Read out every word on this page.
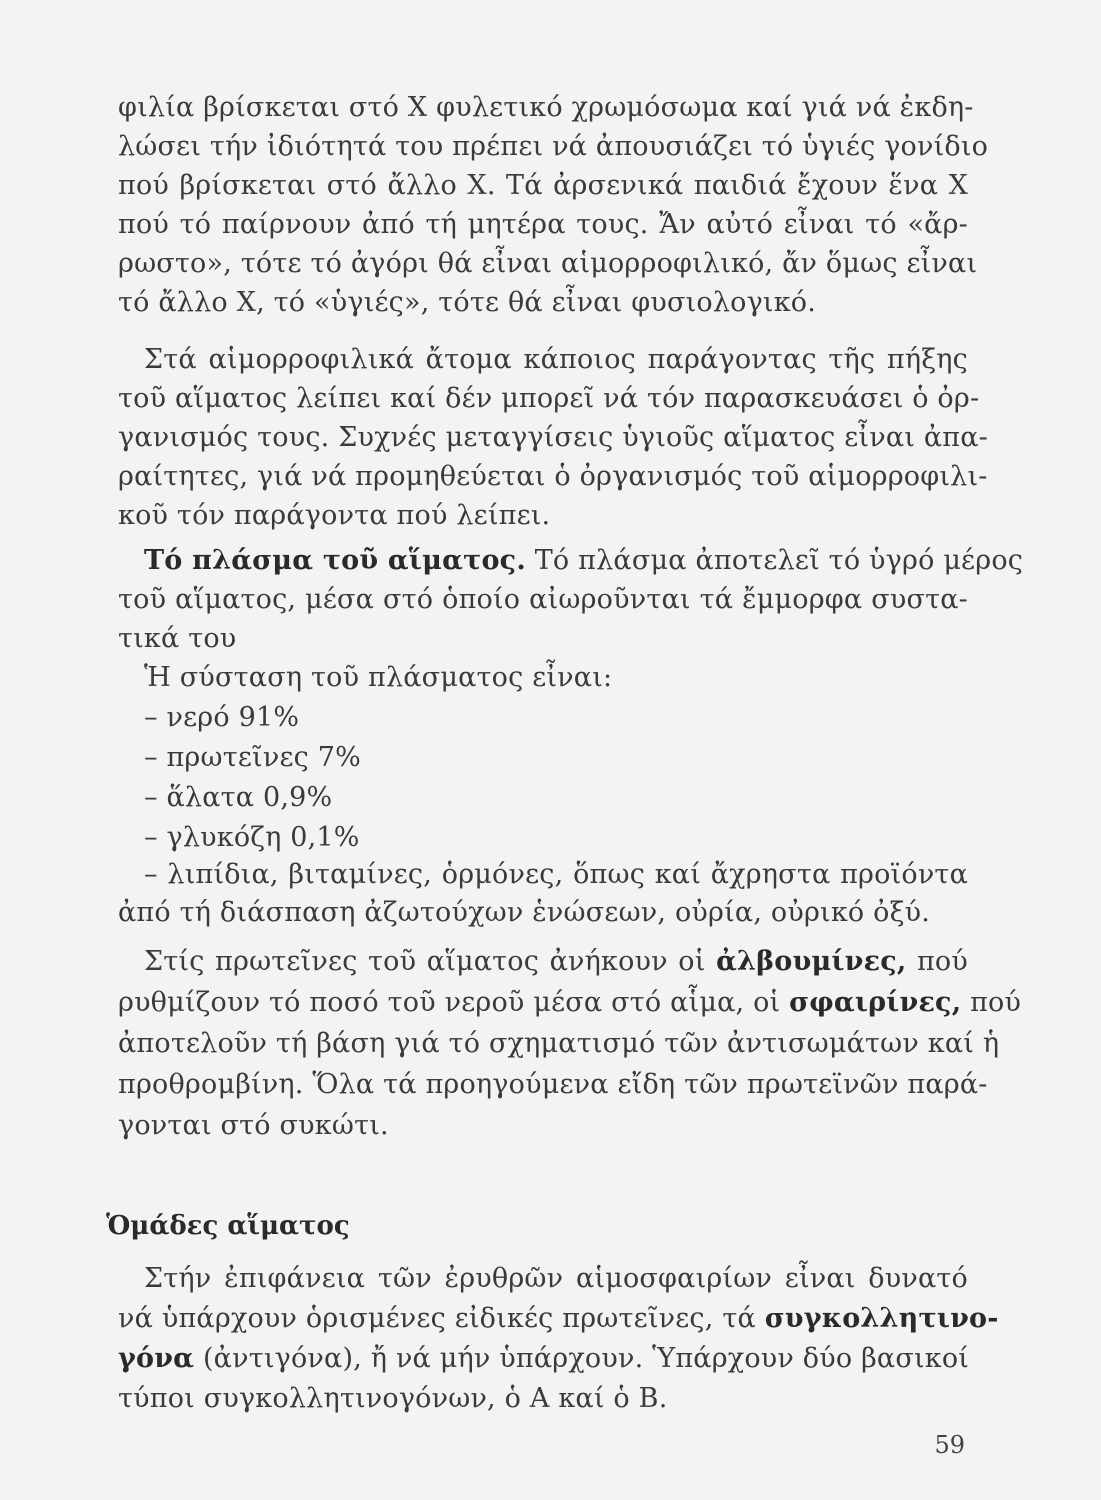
φιλία βρίσκεται στό X φυλετικό χρωμόσωμα καί γιά νά ἐκδη-
λώσει τήν ἰδιότητά του πρέπει νά ἀπουσιάζει τό ὑγιές γονίδιο
πού βρίσκεται στό ἄλλο X. Τά ἀρσενικά παιδιά ἔχουν ἕνα X
πού τό παίρνουν ἀπό τή μητέρα τους. Ἄν αὐτό εἶναι τό «ἄρ-
ρωστο», τότε τό ἀγόρι θά εἶναι αἱμορροφιλικό, ἄν ὅμως εἶναι
τό ἄλλο X, τό «ὑγιές», τότε θά εἶναι φυσιολογικό.
Στά αἱμορροφιλικά ἄτομα κάποιος παράγοντας τῆς πήξης
τοῦ αἵματος λείπει καί δέν μπορεῖ νά τόν παρασκευάσει ὁ ὀρ-
γανισμός τους. Συχνές μεταγγίσεις ὑγιοῦς αἵματος εἶναι ἀπα-
ραίτητες, γιά νά προμηθεύεται ὁ ὀργανισμός τοῦ αἱμορροφιλι-
κοῦ τόν παράγοντα πού λείπει.
Τό πλάσμα τοῦ αἵματος. Τό πλάσμα ἀποτελεῖ τό ὑγρό μέρος
τοῦ αἵματος, μέσα στό ὁποίο αἰωροῦνται τά ἔμμορφα συστα-
τικά του
Ἡ σύσταση τοῦ πλάσματος εἶναι:
– νερό 91%
– πρωτεῖνες 7%
– ἅλατα 0,9%
– γλυκόζη 0,1%
– λιπίδια, βιταμίνες, ὁρμόνες, ὅπως καί ἄχρηστα προϊόντα
ἀπό τή διάσπαση ἀζωτούχων ἑνώσεων, οὐρία, οὐρικό ὀξύ.
Στίς πρωτεῖνες τοῦ αἵματος ἀνήκουν οἱ ἀλβουμίνες, πού
ρυθμίζουν τό ποσό τοῦ νεροῦ μέσα στό αἷμα, οἱ σφαιρίνες, πού
ἀποτελοῦν τή βάση γιά τό σχηματισμό τῶν ἀντισωμάτων καί ἡ
προθρομβίνη. Ὅλα τά προηγούμενα εἴδη τῶν πρωτεϊνῶν παρά-
γονται στό συκώτι.
Ὁμάδες αἵματος
Στήν ἐπιφάνεια τῶν ἐρυθρῶν αἱμοσφαιρίων εἶναι δυνατό
νά ὑπάρχουν ὁρισμένες εἰδικές πρωτεῖνες, τά συγκολλητινο-
γόνα (ἀντιγόνα), ἤ νά μήν ὑπάρχουν. Ὑπάρχουν δύο βασικοί
τύποι συγκολλητινογόνων, ὁ Α καί ὁ Β.
59
